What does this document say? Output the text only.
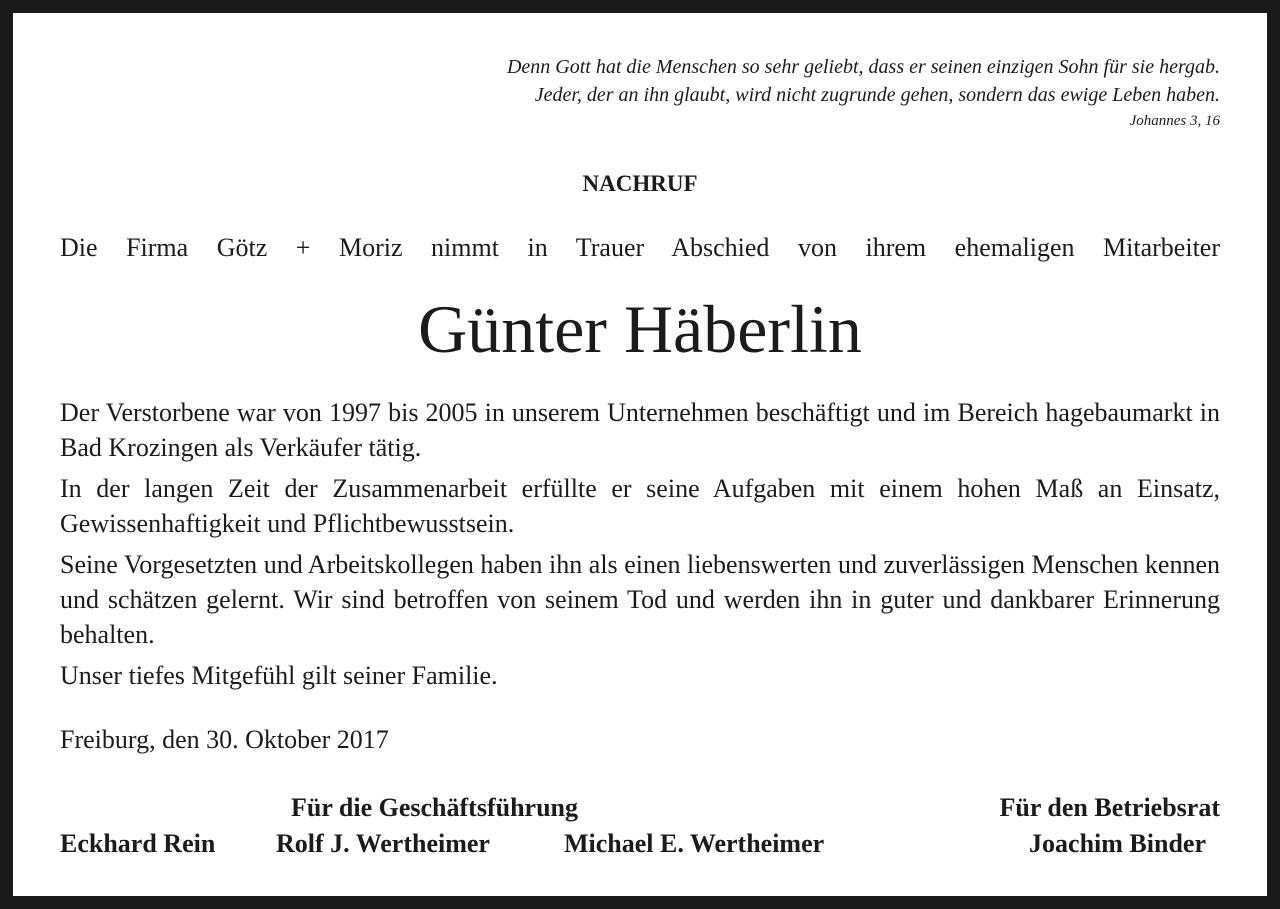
Denn Gott hat die Menschen so sehr geliebt, dass er seinen einzigen Sohn für sie hergab.
Jeder, der an ihn glaubt, wird nicht zugrunde gehen, sondern das ewige Leben haben.
Johannes 3, 16
NACHRUF
Die Firma Götz + Moriz nimmt in Trauer Abschied von ihrem ehemaligen Mitarbeiter
Günter Häberlin

Der Verstorbene war von 1997 bis 2005 in unserem Unternehmen beschäftigt und im Bereich hagebaumarkt in Bad Krozingen als Verkäufer tätig.

In der langen Zeit der Zusammenarbeit erfüllte er seine Aufgaben mit einem hohen Maß an Einsatz, Gewissenhaftigkeit und Pflichtbewusstsein.

Seine Vorgesetzten und Arbeitskollegen haben ihn als einen liebenswerten und zuverlässigen Menschen kennen und schätzen gelernt. Wir sind betroffen von seinem Tod und werden ihn in guter und dankbarer Erinnerung behalten.

Unser tiefes Mitgefühl gilt seiner Familie.

Freiburg, den 30. Oktober 2017
Für die Geschäftsführung	Für den Betriebsrat
Eckhard Rein Rolf J. Wertheimer	Michael E. Wertheimer	Joachim Binder
